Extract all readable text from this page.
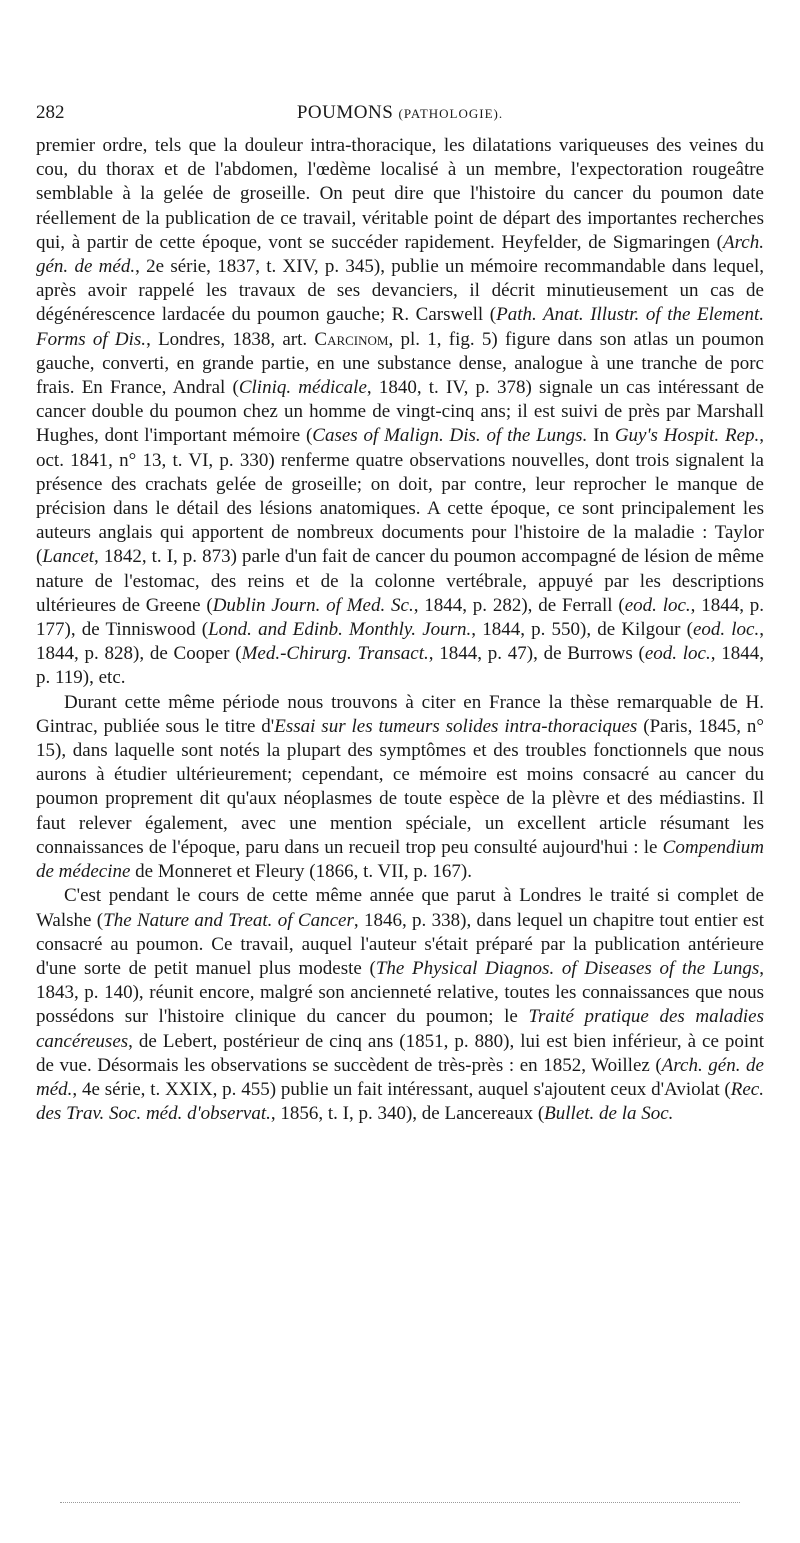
282	POUMONS (PATHOLOGIE).

premier ordre, tels que la douleur intra-thoracique, les dilatations variqueuses des veines du cou, du thorax et de l'abdomen, l'œdème localisé à un membre, l'expectoration rougeâtre semblable à la gelée de groseille. On peut dire que l'histoire du cancer du poumon date réellement de la publication de ce travail, véritable point de départ des importantes recherches qui, à partir de cette époque, vont se succéder rapidement. Heyfelder, de Sigmaringen (Arch. gén. de méd., 2e série, 1837, t. XIV, p. 345), publie un mémoire recommandable dans lequel, après avoir rappelé les travaux de ses devanciers, il décrit minutieusement un cas de dégénérescence lardacée du poumon gauche; R. Carswell (Path. Anat. Illustr. of the Element. Forms of Dis., Londres, 1838, art. Carcinom, pl. 1, fig. 5) figure dans son atlas un poumon gauche, converti, en grande partie, en une substance dense, analogue à une tranche de porc frais. En France, Andral (Cliniq. médicale, 1840, t. IV, p. 378) signale un cas intéressant de cancer double du poumon chez un homme de vingt-cinq ans; il est suivi de près par Marshall Hughes, dont l'important mémoire (Cases of Malign. Dis. of the Lungs. In Guy's Hospit. Rep., oct. 1841, n° 13, t. VI, p. 330) renferme quatre observations nouvelles, dont trois signalent la présence des crachats gelée de groseille; on doit, par contre, leur reprocher le manque de précision dans le détail des lésions anatomiques. A cette époque, ce sont principalement les auteurs anglais qui apportent de nombreux documents pour l'histoire de la maladie : Taylor (Lancet, 1842, t. I, p. 873) parle d'un fait de cancer du poumon accompagné de lésion de même nature de l'estomac, des reins et de la colonne vertébrale, appuyé par les descriptions ultérieures de Greene (Dublin Journ. of Med. Sc., 1844, p. 282), de Ferrall (eod. loc., 1844, p. 177), de Tinniswood (Lond. and Edinb. Monthly. Journ., 1844, p. 550), de Kilgour (eod. loc., 1844, p. 828), de Cooper (Med.-Chirurg. Transact., 1844, p. 47), de Burrows (eod. loc., 1844, p. 119), etc.

Durant cette même période nous trouvons à citer en France la thèse remarquable de H. Gintrac, publiée sous le titre d'Essai sur les tumeurs solides intra-thoraciques (Paris, 1845, n° 15), dans laquelle sont notés la plupart des symptômes et des troubles fonctionnels que nous aurons à étudier ultérieurement; cependant, ce mémoire est moins consacré au cancer du poumon proprement dit qu'aux néoplasmes de toute espèce de la plèvre et des médiastins. Il faut relever également, avec une mention spéciale, un excellent article résumant les connaissances de l'époque, paru dans un recueil trop peu consulté aujourd'hui : le Compendium de médecine de Monneret et Fleury (1866, t. VII, p. 167).

C'est pendant le cours de cette même année que parut à Londres le traité si complet de Walshe (The Nature and Treat. of Cancer, 1846, p. 338), dans lequel un chapitre tout entier est consacré au poumon. Ce travail, auquel l'auteur s'était préparé par la publication antérieure d'une sorte de petit manuel plus modeste (The Physical Diagnos. of Diseases of the Lungs, 1843, p. 140), réunit encore, malgré son ancienneté relative, toutes les connaissances que nous possédons sur l'histoire clinique du cancer du poumon; le Traité pratique des maladies cancéreuses, de Lebert, postérieur de cinq ans (1851, p. 880), lui est bien inférieur, à ce point de vue. Désormais les observations se succèdent de très-près : en 1852, Woillez (Arch. gén. de méd., 4e série, t. XXIX, p. 455) publie un fait intéressant, auquel s'ajoutent ceux d'Aviolat (Rec. des Trav. Soc. méd. d'observat., 1856, t. I, p. 340), de Lancereaux (Bullet. de la Soc.
